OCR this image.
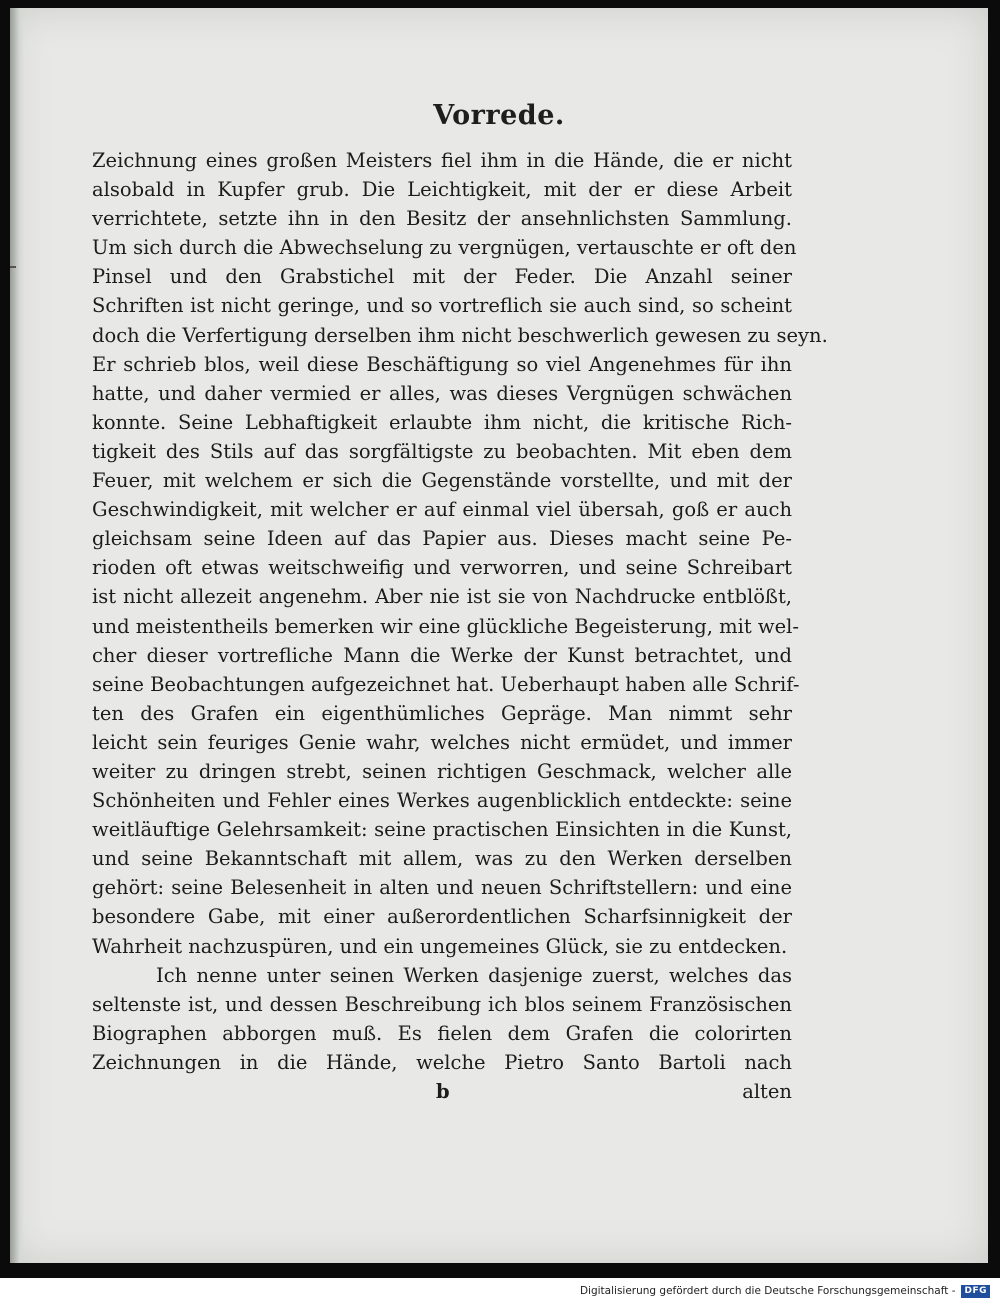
Vorrede.
Zeichnung eines großen Meisters fiel ihm in die Hände, die er nicht
alsobald in Kupfer grub. Die Leichtigkeit, mit der er diese Arbeit
verrichtete, setzte ihn in den Besitz der ansehnlichsten Sammlung.
Um sich durch die Abwechselung zu vergnügen, vertauschte er oft den
Pinsel und den Grabstichel mit der Feder. Die Anzahl seiner
Schriften ist nicht geringe, und so vortreflich sie auch sind, so scheint
doch die Verfertigung derselben ihm nicht beschwerlich gewesen zu seyn.
Er schrieb blos, weil diese Beschäftigung so viel Angenehmes für ihn
hatte, und daher vermied er alles, was dieses Vergnügen schwächen
konnte. Seine Lebhaftigkeit erlaubte ihm nicht, die kritische Rich-
tigkeit des Stils auf das sorgfältigste zu beobachten. Mit eben dem
Feuer, mit welchem er sich die Gegenstände vorstellte, und mit der
Geschwindigkeit, mit welcher er auf einmal viel übersah, goß er auch
gleichsam seine Ideen auf das Papier aus. Dieses macht seine Pe-
rioden oft etwas weitschweifig und verworren, und seine Schreibart
ist nicht allezeit angenehm. Aber nie ist sie von Nachdrucke entblößt,
und meistentheils bemerken wir eine glückliche Begeisterung, mit wel-
cher dieser vortrefliche Mann die Werke der Kunst betrachtet, und
seine Beobachtungen aufgezeichnet hat. Ueberhaupt haben alle Schrif-
ten des Grafen ein eigenthümliches Gepräge. Man nimmt sehr
leicht sein feuriges Genie wahr, welches nicht ermüdet, und immer
weiter zu dringen strebt, seinen richtigen Geschmack, welcher alle
Schönheiten und Fehler eines Werkes augenblicklich entdeckte: seine
weitläuftige Gelehrsamkeit: seine practischen Einsichten in die Kunst,
und seine Bekanntschaft mit allem, was zu den Werken derselben
gehört: seine Belesenheit in alten und neuen Schriftstellern: und eine
besondere Gabe, mit einer außerordentlichen Scharfsinnigkeit der
Wahrheit nachzuspüren, und ein ungemeines Glück, sie zu entdecken.
Ich nenne unter seinen Werken dasjenige zuerst, welches das
seltenste ist, und dessen Beschreibung ich blos seinem Französischen
Biographen abborgen muß. Es fielen dem Grafen die colorirten
Zeichnungen in die Hände, welche Pietro Santo Bartoli nach
b	alten
Digitalisierung gefördert durch die Deutsche Forschungsgemeinschaft -	DFG
